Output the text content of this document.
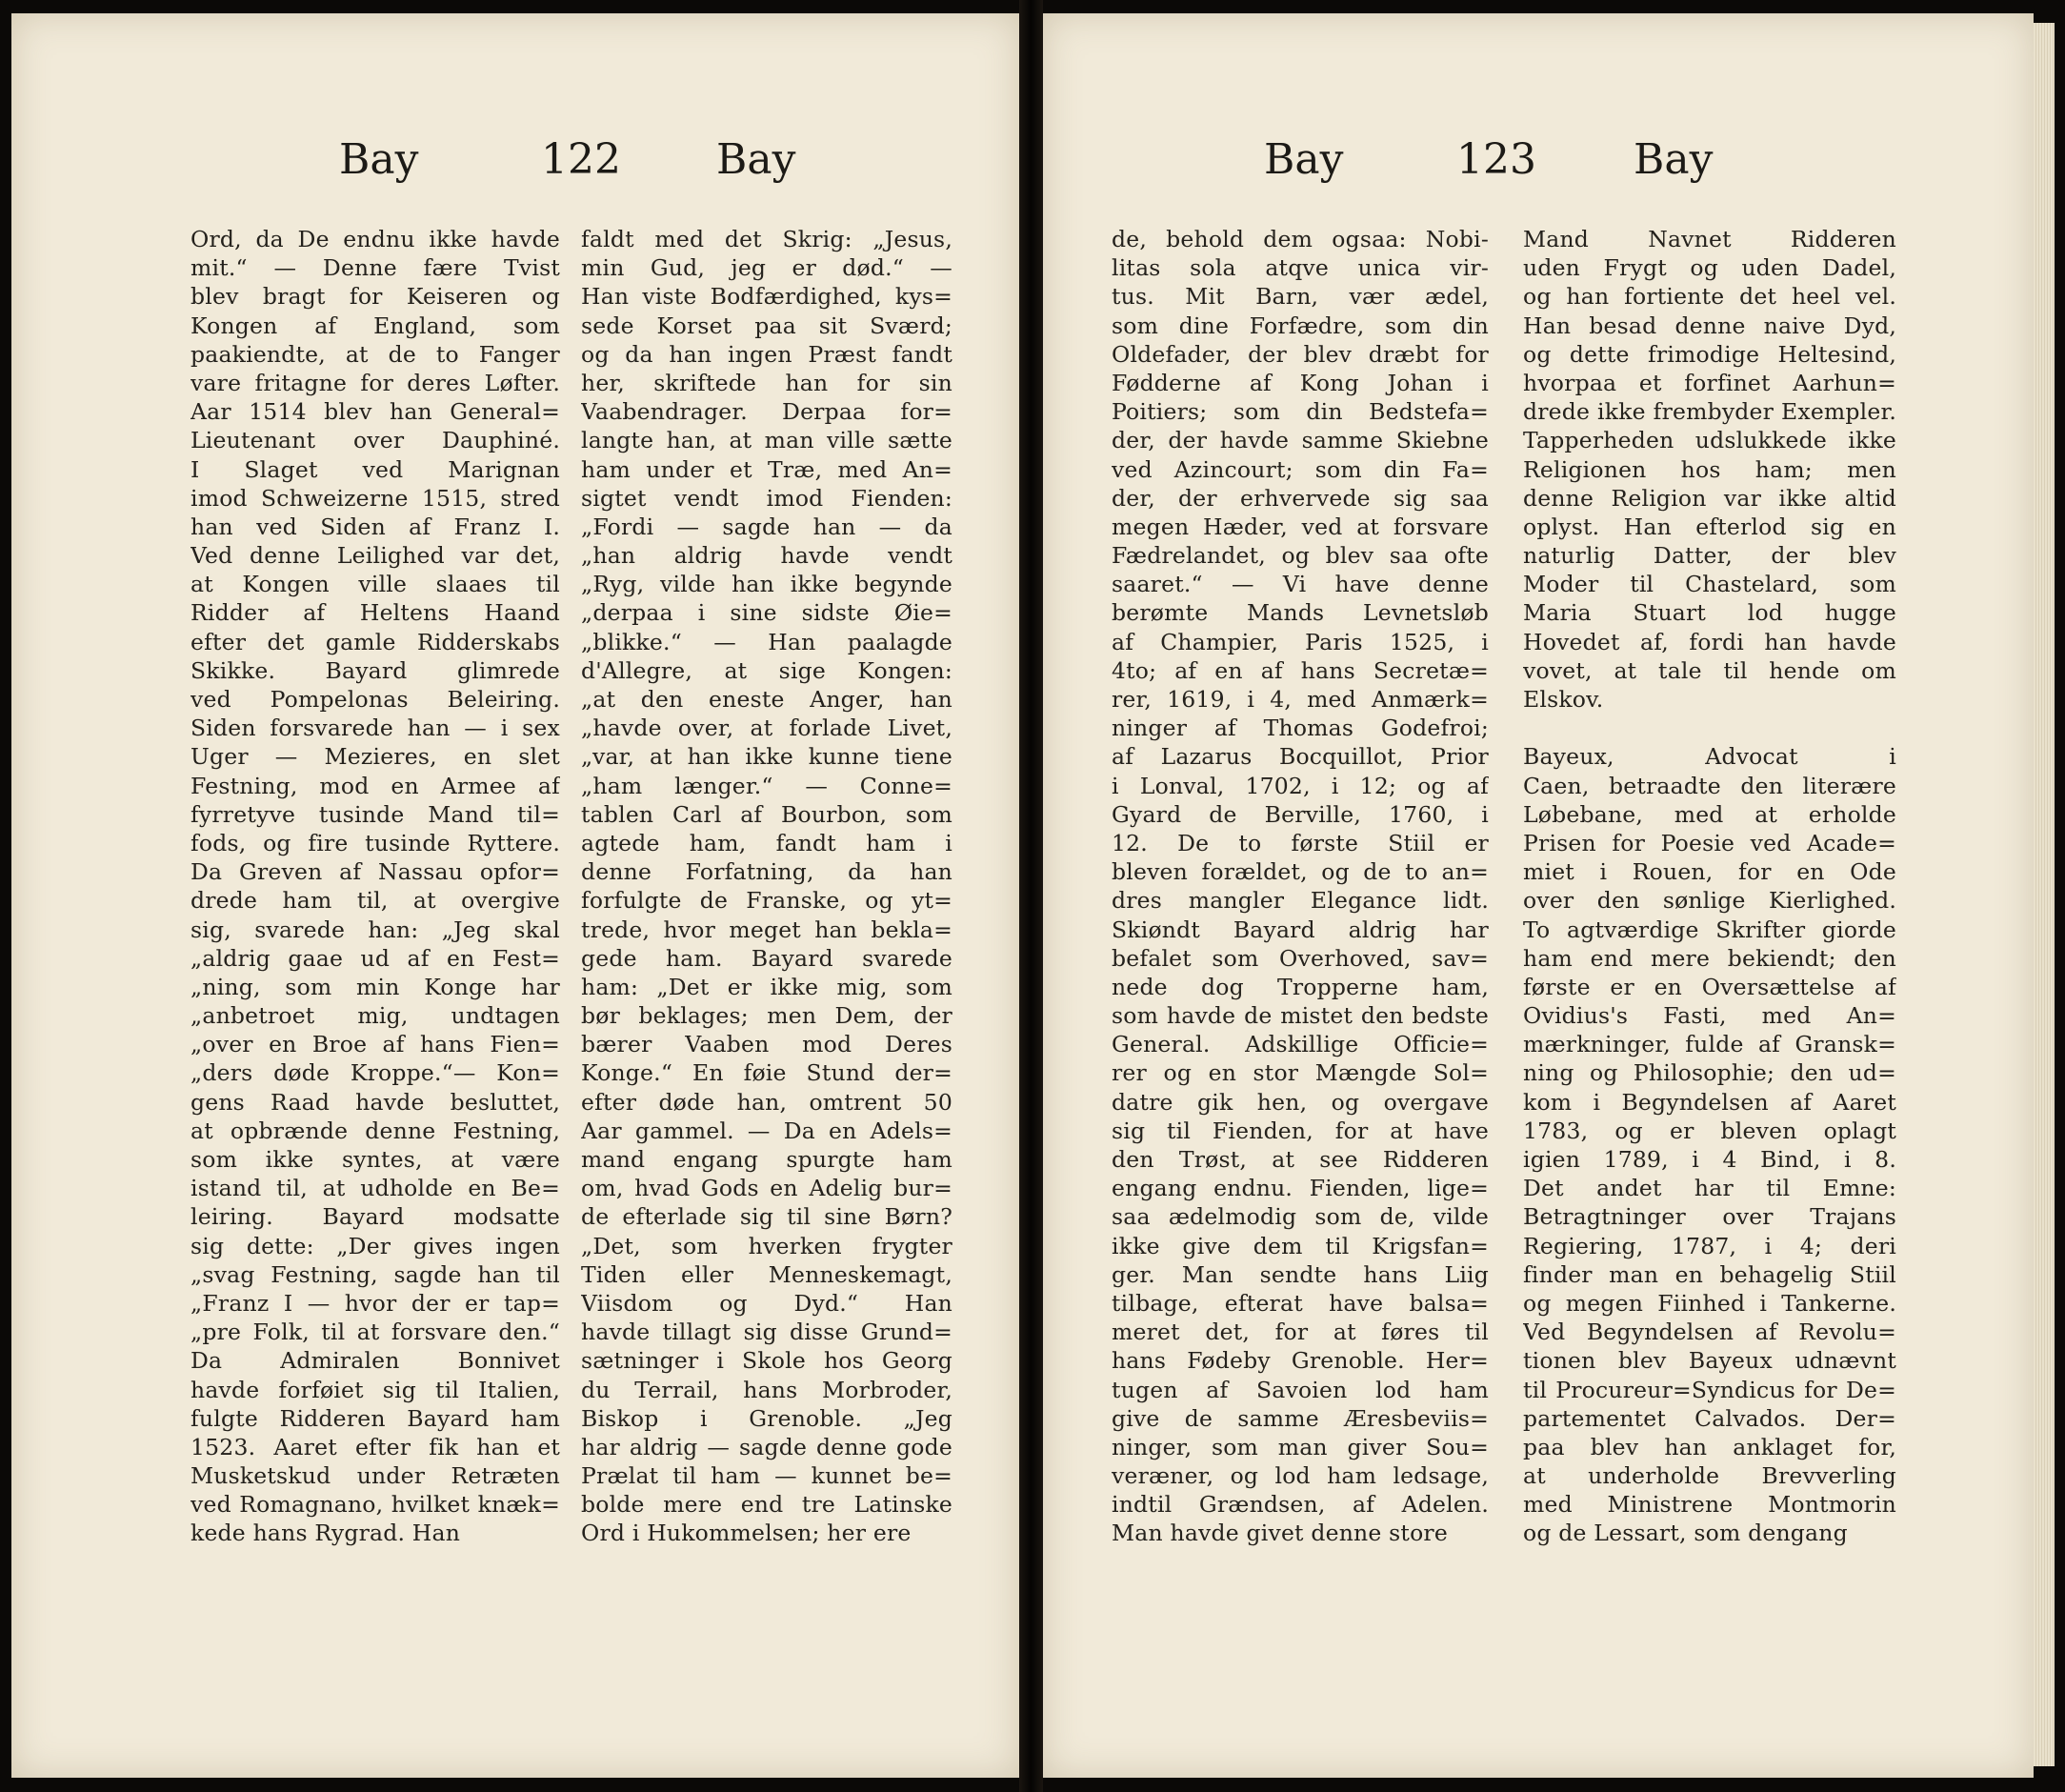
Bay	122 Bay
Ord, da De endnu ikke havde
mit.“ — Denne fære Tvist
blev bragt for Keiseren og
Kongen af England, som
paakiendte, at de to Fanger
vare fritagne for deres Løfter.
Aar 1514 blev han General=
Lieutenant over Dauphiné.
I Slaget ved Marignan
imod Schweizerne 1515, stred
han ved Siden af Franz I.
Ved denne Leilighed var det,
at Kongen ville slaaes til
Ridder af Heltens Haand
efter det gamle Ridderskabs
Skikke. Bayard glimrede
ved Pompelonas Beleiring.
Siden forsvarede han — i sex
Uger — Mezieres, en slet
Festning, mod en Armee af
fyrretyve tusinde Mand til=
fods, og fire tusinde Ryttere.
Da Greven af Nassau opfor=
drede ham til, at overgive
sig, svarede han: „Jeg skal
„aldrig gaae ud af en Fest=
„ning, som min Konge har
„anbetroet mig, undtagen
„over en Broe af hans Fien=
„ders døde Kroppe.“— Kon=
gens Raad havde besluttet,
at opbrænde denne Festning,
som ikke syntes, at være
istand til, at udholde en Be=
leiring. Bayard modsatte
sig dette: „Der gives ingen
„svag Festning, sagde han til
„Franz I — hvor der er tap=
„pre Folk, til at forsvare den.“
Da Admiralen Bonnivet
havde forføiet sig til Italien,
fulgte Ridderen Bayard ham
1523. Aaret efter fik han et
Musketskud under Retræten
ved Romagnano, hvilket knæk=
kede hans Rygrad. Han
faldt med det Skrig: „Jesus,
min Gud, jeg er død.“ —
Han viste Bodfærdighed, kys=
sede Korset paa sit Sværd;
og da han ingen Præst fandt
her, skriftede han for sin
Vaabendrager. Derpaa for=
langte han, at man ville sætte
ham under et Træ, med An=
sigtet vendt imod Fienden:
„Fordi — sagde han — da
„han aldrig havde vendt
„Ryg, vilde han ikke begynde
„derpaa i sine sidste Øie=
„blikke.“ — Han paalagde
d'Allegre, at sige Kongen:
„at den eneste Anger, han
„havde over, at forlade Livet,
„var, at han ikke kunne tiene
„ham længer.“ — Conne=
tablen Carl af Bourbon, som
agtede ham, fandt ham i
denne Forfatning, da han
forfulgte de Franske, og yt=
trede, hvor meget han bekla=
gede ham. Bayard svarede
ham: „Det er ikke mig, som
bør beklages; men Dem, der
bærer Vaaben mod Deres
Konge.“ En føie Stund der=
efter døde han, omtrent 50
Aar gammel. — Da en Adels=
mand engang spurgte ham
om, hvad Gods en Adelig bur=
de efterlade sig til sine Børn?
„Det, som hverken frygter
Tiden eller Menneskemagt,
Viisdom og Dyd.“ Han
havde tillagt sig disse Grund=
sætninger i Skole hos Georg
du Terrail, hans Morbroder,
Biskop i Grenoble. „Jeg
har aldrig — sagde denne gode
Prælat til ham — kunnet be=
bolde mere end tre Latinske
Ord i Hukommelsen; her ere
Bay	123 Bay
de, behold dem ogsaa: Nobi-
litas sola atqve unica vir-
tus. Mit Barn, vær ædel,
som dine Forfædre, som din
Oldefader, der blev dræbt for
Fødderne af Kong Johan i
Poitiers; som din Bedstefa=
der, der havde samme Skiebne
ved Azincourt; som din Fa=
der, der erhvervede sig saa
megen Hæder, ved at forsvare
Fædrelandet, og blev saa ofte
saaret.“ — Vi have denne
berømte Mands Levnetsløb
af Champier, Paris 1525, i
4to; af en af hans Secretæ=
rer, 1619, i 4, med Anmærk=
ninger af Thomas Godefroi;
af Lazarus Bocquillot, Prior
i Lonval, 1702, i 12; og af
Gyard de Berville, 1760, i
12. De to første Stiil er
bleven forældet, og de to an=
dres mangler Elegance lidt.
Skiøndt Bayard aldrig har
befalet som Overhoved, sav=
nede dog Tropperne ham,
som havde de mistet den bedste
General. Adskillige Officie=
rer og en stor Mængde Sol=
datre gik hen, og overgave
sig til Fienden, for at have
den Trøst, at see Ridderen
engang endnu. Fienden, lige=
saa ædelmodig som de, vilde
ikke give dem til Krigsfan=
ger. Man sendte hans Liig
tilbage, efterat have balsa=
meret det, for at føres til
hans Fødeby Grenoble. Her=
tugen af Savoien lod ham
give de samme Æresbeviis=
ninger, som man giver Sou=
veræner, og lod ham ledsage,
indtil Grændsen, af Adelen.
Man havde givet denne store
Mand Navnet Ridderen
uden Frygt og uden Dadel,
og han fortiente det heel vel.
Han besad denne naive Dyd,
og dette frimodige Heltesind,
hvorpaa et forfinet Aarhun=
drede ikke frembyder Exempler.
Tapperheden udslukkede ikke
Religionen hos ham; men
denne Religion var ikke altid
oplyst. Han efterlod sig en
naturlig Datter, der blev
Moder til Chastelard, som
Maria Stuart lod hugge
Hovedet af, fordi han havde
vovet, at tale til hende om
Elskov.
Bayeux, Advocat i
Caen, betraadte den literære
Løbebane, med at erholde
Prisen for Poesie ved Acade=
miet i Rouen, for en Ode
over den sønlige Kierlighed.
To agtværdige Skrifter giorde
ham end mere bekiendt; den
første er en Oversættelse af
Ovidius's Fasti, med An=
mærkninger, fulde af Gransk=
ning og Philosophie; den ud=
kom i Begyndelsen af Aaret
1783, og er bleven oplagt
igien 1789, i 4 Bind, i 8.
Det andet har til Emne:
Betragtninger over Trajans
Regiering, 1787, i 4; deri
finder man en behagelig Stiil
og megen Fiinhed i Tankerne.
Ved Begyndelsen af Revolu=
tionen blev Bayeux udnævnt
til Procureur=Syndicus for De=
partementet Calvados. Der=
paa blev han anklaget for,
at underholde Brevverling
med Ministrene Montmorin
og de Lessart, som dengang
